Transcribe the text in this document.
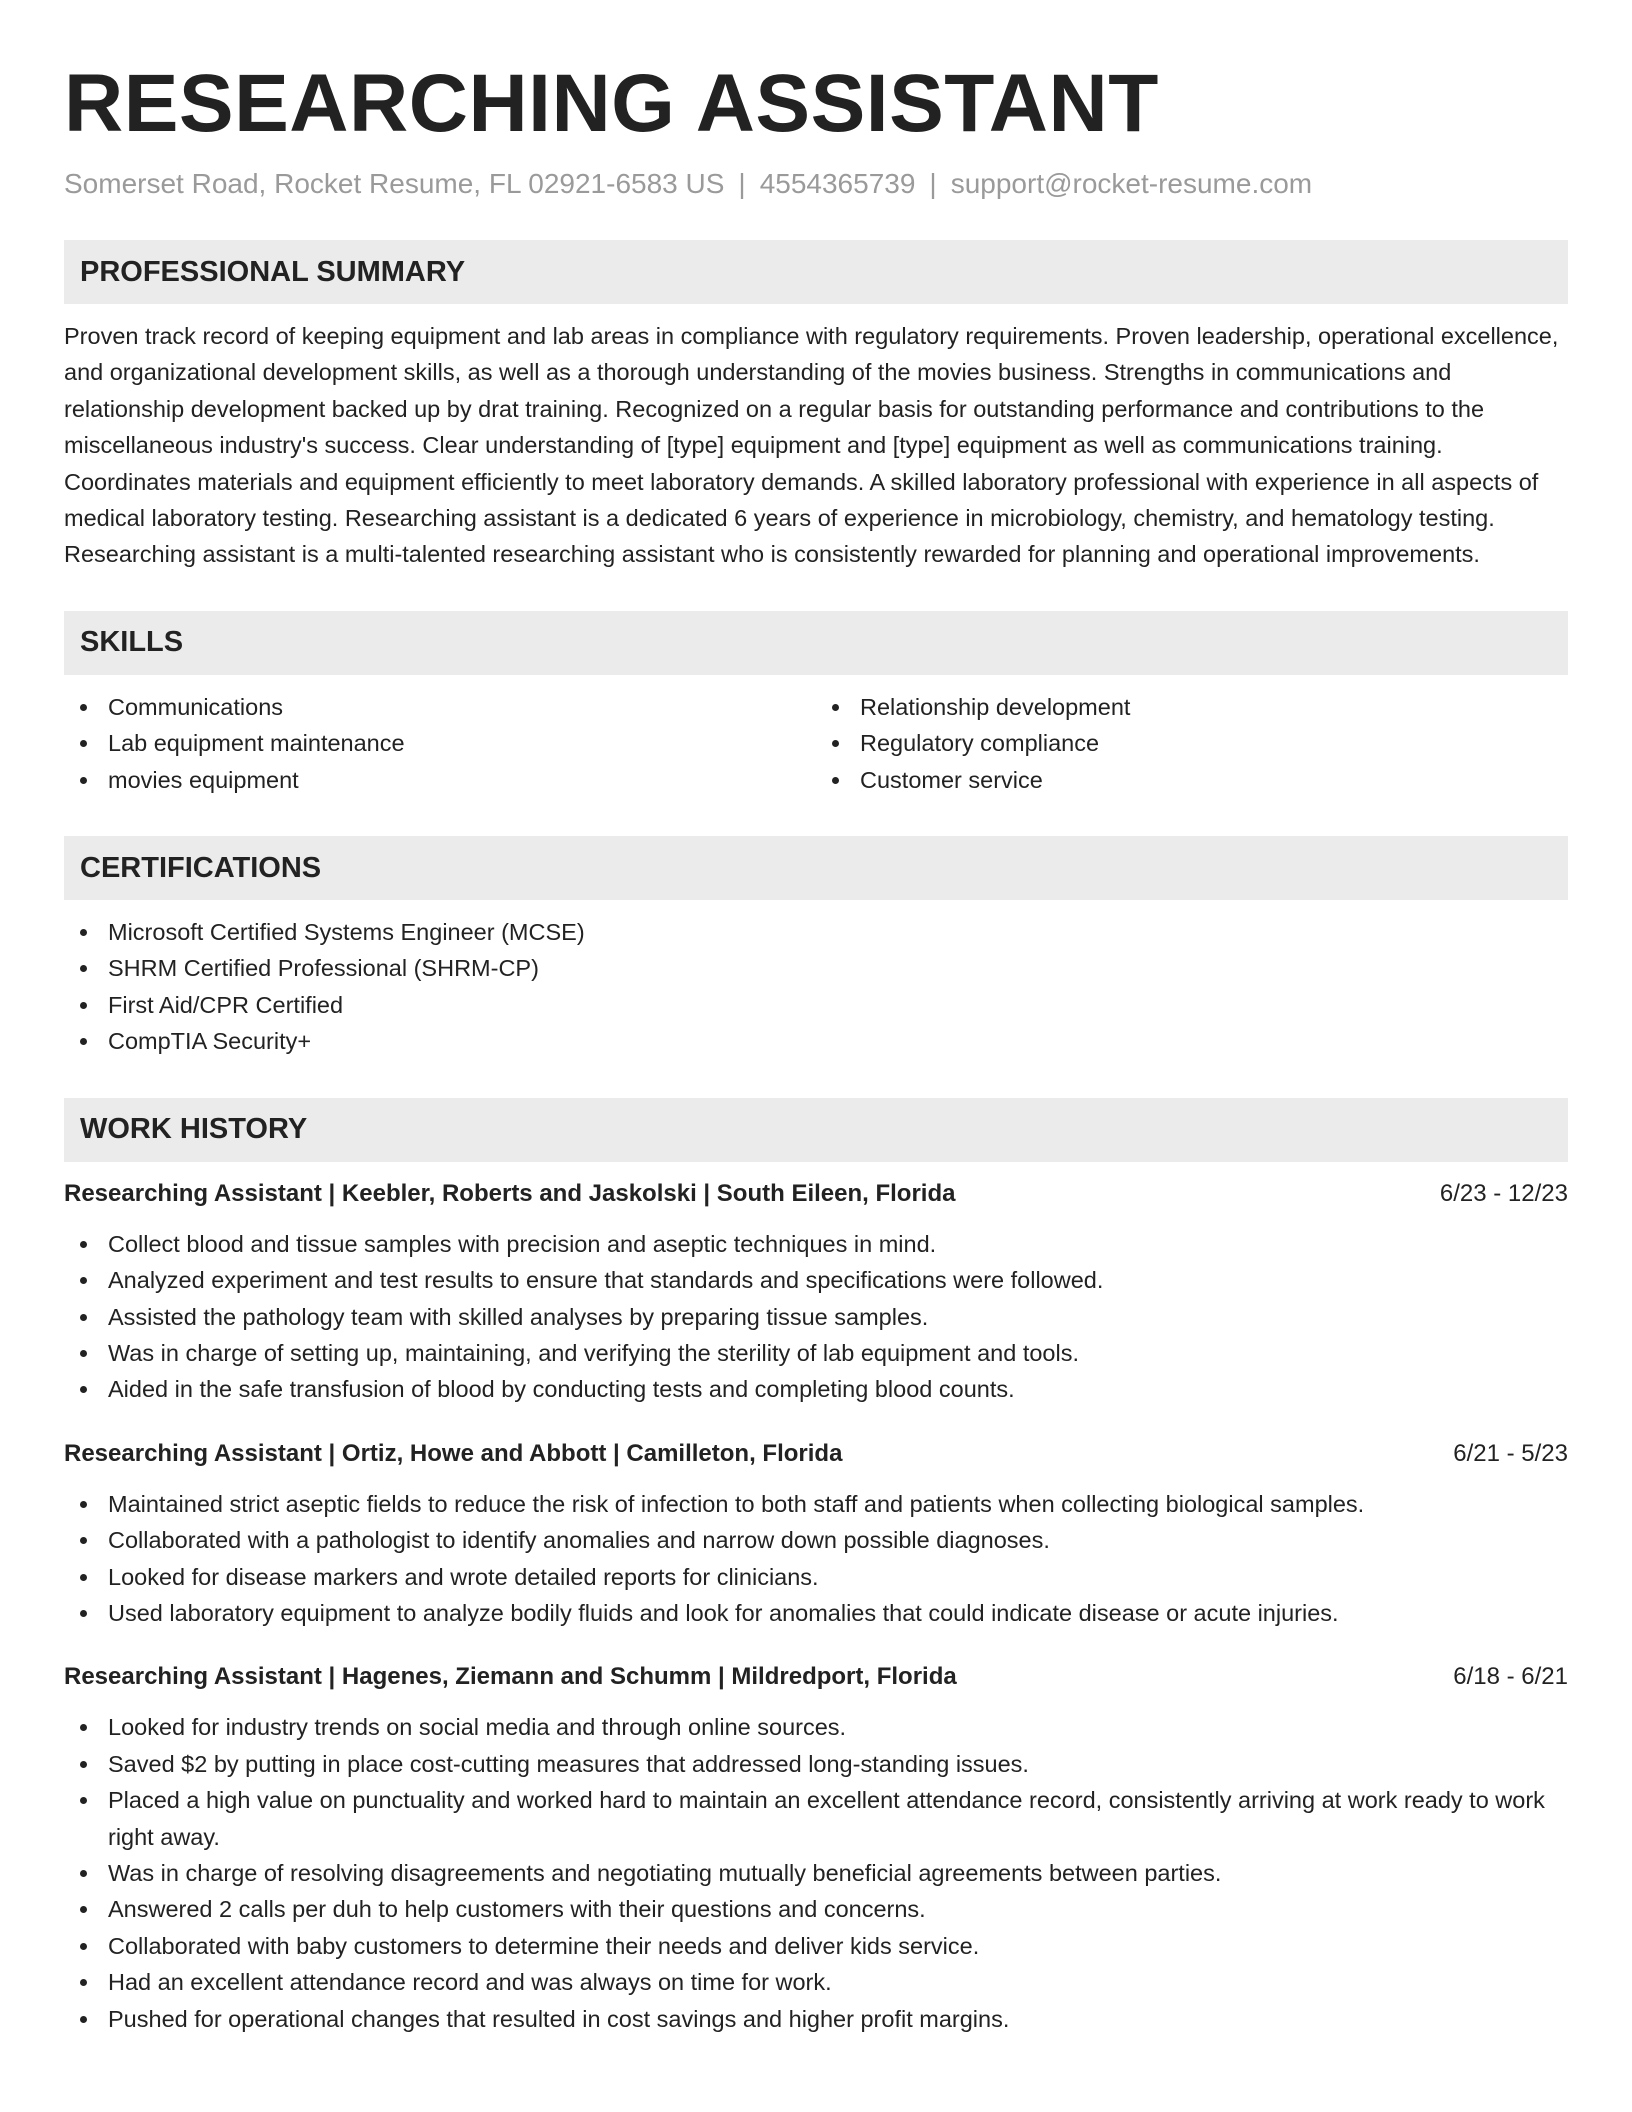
RESEARCHING ASSISTANT
Somerset Road, Rocket Resume, FL 02921-6583 US | 4554365739 | support@rocket-resume.com
PROFESSIONAL SUMMARY
Proven track record of keeping equipment and lab areas in compliance with regulatory requirements. Proven leadership, operational excellence, and organizational development skills, as well as a thorough understanding of the movies business. Strengths in communications and relationship development backed up by drat training. Recognized on a regular basis for outstanding performance and contributions to the miscellaneous industry's success. Clear understanding of [type] equipment and [type] equipment as well as communications training. Coordinates materials and equipment efficiently to meet laboratory demands. A skilled laboratory professional with experience in all aspects of medical laboratory testing. Researching assistant is a dedicated 6 years of experience in microbiology, chemistry, and hematology testing. Researching assistant is a multi-talented researching assistant who is consistently rewarded for planning and operational improvements.
SKILLS
Communications
Lab equipment maintenance
movies equipment
Relationship development
Regulatory compliance
Customer service
CERTIFICATIONS
Microsoft Certified Systems Engineer (MCSE)
SHRM Certified Professional (SHRM-CP)
First Aid/CPR Certified
CompTIA Security+
WORK HISTORY
Researching Assistant | Keebler, Roberts and Jaskolski | South Eileen, Florida	6/23 - 12/23
Collect blood and tissue samples with precision and aseptic techniques in mind.
Analyzed experiment and test results to ensure that standards and specifications were followed.
Assisted the pathology team with skilled analyses by preparing tissue samples.
Was in charge of setting up, maintaining, and verifying the sterility of lab equipment and tools.
Aided in the safe transfusion of blood by conducting tests and completing blood counts.
Researching Assistant | Ortiz, Howe and Abbott | Camilleton, Florida	6/21 - 5/23
Maintained strict aseptic fields to reduce the risk of infection to both staff and patients when collecting biological samples.
Collaborated with a pathologist to identify anomalies and narrow down possible diagnoses.
Looked for disease markers and wrote detailed reports for clinicians.
Used laboratory equipment to analyze bodily fluids and look for anomalies that could indicate disease or acute injuries.
Researching Assistant | Hagenes, Ziemann and Schumm | Mildredport, Florida	6/18 - 6/21
Looked for industry trends on social media and through online sources.
Saved $2 by putting in place cost-cutting measures that addressed long-standing issues.
Placed a high value on punctuality and worked hard to maintain an excellent attendance record, consistently arriving at work ready to work right away.
Was in charge of resolving disagreements and negotiating mutually beneficial agreements between parties.
Answered 2 calls per duh to help customers with their questions and concerns.
Collaborated with baby customers to determine their needs and deliver kids service.
Had an excellent attendance record and was always on time for work.
Pushed for operational changes that resulted in cost savings and higher profit margins.
